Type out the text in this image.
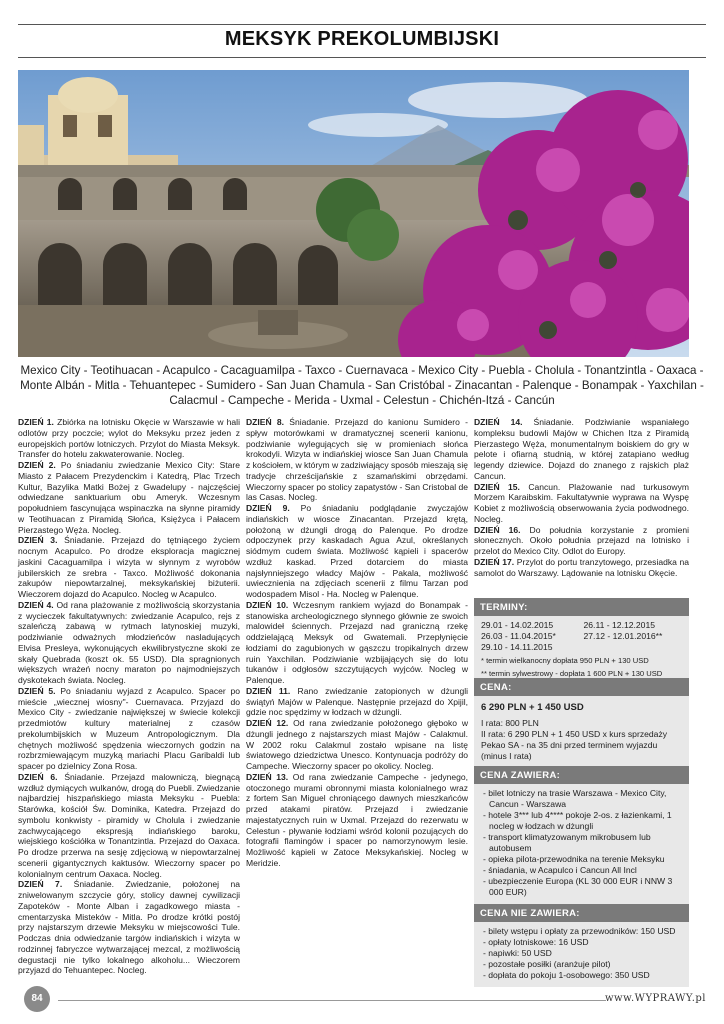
MEKSYK PREKOLUMBIJSKI

Mexico City - Teotihuacan - Acapulco - Cacaguamilpa - Taxco - Cuernavaca - Mexico City - Puebla - Cholula - Tonantzintla - Oaxaca - Monte Albán - Mitla - Tehuantepec - Sumidero - San Juan Chamula - San Cristóbal - Zinacantan - Palenque - Bonampak - Yaxchilan - Calacmul - Campeche - Merida - Uxmal - Celestun - Chichén-Itzá - Cancún

DZIEŃ 1. Zbiórka na lotnisku Okęcie w Warszawie w hali odlotów przy poczcie; wylot do Meksyku przez jeden z europejskich portów lotniczych. Przylot do Miasta Meksyk. Transfer do hotelu zakwaterowanie. Nocleg.

DZIEŃ 2. Po śniadaniu zwiedzanie Mexico City: Stare Miasto z Pałacem Prezydenckim i Katedrą, Plac Trzech Kultur, Bazylika Matki Bożej z Gwadelupy - najczęściej odwiedzane sanktuarium obu Ameryk. Wczesnym popołudniem fascynująca wspinaczka na słynne piramidy w Teotihuacan z Piramidą Słońca, Księżyca i Pałacem Pierzastego Węża. Nocleg.

DZIEŃ 3. Śniadanie. Przejazd do tętniącego życiem nocnym Acapulco. Po drodze eksploracja magicznej jaskini Cacaguamilpa i wizyta w słynnym z wyrobów jubilerskich ze srebra - Taxco. Możliwość dokonania zakupów niepowtarzalnej, meksykańskiej biżuterii. Wieczorem dojazd do Acapulco. Nocleg w Acapulco.

DZIEŃ 4. Od rana plażowanie z możliwością skorzystania z wycieczek fakultatywnych: zwiedzanie Acapulco, rejs z szaleńczą zabawą w rytmach latynoskiej muzyki, podziwianie odważnych młodzieńców nasladujących Elvisa Presleya, wykonujących ekwilibrystyczne skoki ze skały Quebrada (koszt ok. 55 USD). Dla spragnionych większych wrażeń nocny maraton po najmodniejszych dyskotekach świata. Nocleg.

DZIEŃ 5. Po śniadaniu wyjazd z Acapulco. Spacer po mieście „wiecznej wiosny"- Cuernavaca. Przyjazd do Mexico City - zwiedzanie największej w świecie kolekcji przedmiotów kultury materialnej z czasów prekolumbijskich w Muzeum Antropologicznym. Dla chętnych możliwość spędzenia wieczornych godzin na rozbrzmiewającym muzyką mariachi Placu Garibaldi lub spacer po dzielnicy Zona Rosa.

DZIEŃ 6. Śniadanie. Przejazd malowniczą, biegnącą wzdłuż dymiących wulkanów, drogą do Puebli. Zwiedzanie najbardziej hiszpańskiego miasta Meksyku - Puebla: Starówka, kościół Św. Dominika, Katedra. Przejazd do symbolu konkwisty - piramidy w Cholula i zwiedzanie zachwycającego ekspresją indiańskiego baroku, wiejskiego kościółka w Tonantzintla. Przejazd do Oaxaca. Po drodze przerwa na sesję zdjęciową w niepowtarzalnej scenerii gigantycznych kaktusów. Wieczorny spacer po kolonialnym centrum Oaxaca. Nocleg.

DZIEŃ 7. Śniadanie. Zwiedzanie, położonej na zniwelowanym szczycie góry, stolicy dawnej cywilizacji Zapoteków - Monte Alban i zagadkowego miasta - cmentarzyska Misteków - Mitla. Po drodze krótki postój przy najstarszym drzewie Meksyku w miejscowości Tule. Podczas dnia odwiedzanie targów indiańskich i wizyta w rodzinnej fabryczce wytwarzającej mezcal, z możliwością degustacji nie tylko lokalnego alkoholu... Wieczorem przyjazd do Tehuantepec. Nocleg.

DZIEŃ 8. Śniadanie. Przejazd do kanionu Sumidero - spływ motorówkami w dramatycznej scenerii kanionu, podziwianie wylegujących się w promieniach słońca krokodyli. Wizyta w indiańskiej wiosce San Juan Chamula z kościołem, w którym w zadziwiający sposób mieszają się tradycje chrześcijańskie z szamańskimi obrzędami. Wieczorny spacer po stolicy zapatystów - San Cristobal de las Casas. Nocleg.

DZIEŃ 9. Po śniadaniu podglądanie zwyczajów indiańskich w wiosce Zinacantan. Przejazd krętą, położoną w dżungli drogą do Palenque. Po drodze odpoczynek przy kaskadach Agua Azul, określanych siódmym cudem świata. Możliwość kąpieli i spacerów wzdłuż kaskad. Przed dotarciem do miasta najsłynniejszego władcy Majów - Pakala, możliwość uwiecznienia na zdjęciach scenerii z filmu Tarzan pod wodospadem Misol - Ha. Nocleg w Palenque.

DZIEŃ 10. Wczesnym rankiem wyjazd do Bonampak - stanowiska archeologicznego słynnego głównie ze swoich malowideł ściennych. Przejazd nad graniczną rzekę oddzielającą Meksyk od Gwatemali. Przepłynięcie łodziami do zagubionych w gąszczu tropikalnych drzew ruin Yaxchilan. Podziwianie wzbijających się do lotu tukanów i odgłosów szczytujących wyjców. Nocleg w Palenque.

DZIEŃ 11. Rano zwiedzanie zatopionych w dżungli świątyń Majów w Palenque. Następnie przejazd do Xpijil, gdzie noc spędzimy w łodzach w dżungli.

DZIEŃ 12. Od rana zwiedzanie położonego głęboko w dżungli jednego z najstarszych miast Majów - Calakmul. W 2002 roku Calakmul zostało wpisane na listę światowego dziedzictwa Unesco. Kontynuacja podróży do Campeche. Wieczorny spacer po okolicy. Nocleg.

DZIEŃ 13. Od rana zwiedzanie Campeche - jedynego, otoczonego murami obronnymi miasta kolonialnego wraz z fortem San Miguel chroniącego dawnych mieszkańców przed atakami piratów. Przejazd i zwiedzanie majestatycznych ruin w Uxmal. Przejazd do rezerwatu w Celestun - pływanie łodziami wśród kolonii pozujących do fotografii flamingów i spacer po namorzynowym lesie. Możliwość kąpieli w Zatoce Meksykańskiej. Nocleg w Meridzie.

DZIEŃ 14. Śniadanie. Podziwianie wspaniałego kompleksu budowli Majów w Chichen Itza z Piramidą Pierzastego Węża, monumentalnym boiskiem do gry w pelote i ofiarną studnią, w której zatapiano według legendy dziewice. Dojazd do znanego z rajskich plaż Cancun.

DZIEŃ 15. Cancun. Plażowanie nad turkusowym Morzem Karaibskim. Fakultatywnie wyprawa na Wyspę Kobiet z możliwością obserwowania życia podwodnego. Nocleg.

DZIEŃ 16. Do południa korzystanie z promieni słonecznych. Około południa przejazd na lotnisko i przelot do Mexico City. Odlot do Europy.

DZIEŃ 17. Przylot do portu tranzytowego, przesiadka na samolot do Warszawy. Lądowanie na lotnisku Okęcie.

TERMINY:
29.01 - 14.02.2015	26.11 - 12.12.2015
26.03 - 11.04.2015*	27.12 - 12.01.2016**
29.10 - 14.11.2015
* termin wielkanocny dopłata 950 PLN + 130 USD
** termin sylwestrowy - dopłata 1 600 PLN + 130 USD
CENA:
6 290 PLN + 1 450 USD
I rata: 800 PLN
II rata: 6 290 PLN + 1 450 USD x kurs sprzedaży Pekao SA - na 35 dni przed terminem wyjazdu (minus I rata)
CENA ZAWIERA:
- bilet lotniczy na trasie Warszawa - Mexico City, Cancun - Warszawa
- hotele 3*** lub 4**** pokoje 2-os. z łazienkami, 1 nocleg w łodzach w dżungli
- transport klimatyzowanym mikrobusem lub autobusem
- opieka pilota-przewodnika na terenie Meksyku
- śniadania, w Acapulco i Cancun All Incl
- ubezpieczenie Europa (KL 30 000 EUR i NNW 3 000 EUR)
CENA NIE ZAWIERA:
- bilety wstępu i opłaty za przewodników: 150 USD
- opłaty lotniskowe: 16 USD
- napiwki: 50 USD
- pozostałe posiłki (aranżuje pilot)
- dopłata do pokoju 1-osobowego: 350 USD
84	www.WYPRAWY.pl
